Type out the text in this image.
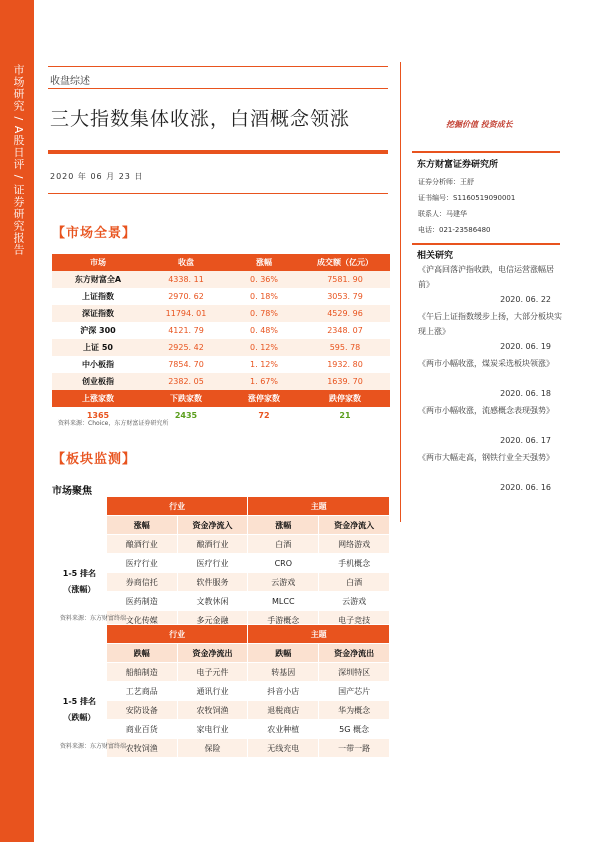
市场研究 / A股日评 / 证券研究报告	收盘综述
三大指数集体收涨，白酒概念领涨
2020 年 06 月 23 日
挖掘价值 投资成长
东方财富证券研究所
证券分析师：王舒
证书编号：S1160519090001
联系人：马建华
电话：021-23586480
相关研究
《沪高回落沪指收跌，电信运营涨幅居前》
2020. 06. 22
《午后上证指数缓步上扬，大部分板块实现上涨》
2020. 06. 19
《两市小幅收涨，煤炭采选板块领涨》
2020. 06. 18
《两市小幅收涨，流感概念表现强势》
2020. 06. 17
《两市大幅走高，钢铁行业全天强势》
2020. 06. 16
【市场全景】
市场	收盘	涨幅	成交额（亿元）
东方财富全A	4338. 11	0. 36%	7581. 90
上证指数	2970. 62	0. 18%	3053. 79
深证指数	11794. 01	0. 78%	4529. 96
沪深 300	4121. 79	0. 48%	2348. 07
上证 50	2925. 42	0. 12%	595. 78
中小板指	7854. 70	1. 12%	1932. 80
创业板指	2382. 05	1. 67%	1639. 70
上涨家数	下跌家数	涨停家数	跌停家数
1365	2435	72	21
资料来源：Choice，东方财富证券研究所
【板块监测】
市场聚焦
	行业		主题	
	涨幅	资金净流入	涨幅	资金净流入
1-5 排名
（涨幅）	酿酒行业	酿酒行业	白酒	网络游戏
	医疗行业	医疗行业	CRO	手机概念
	券商信托	软件服务	云游戏	白酒
	医药制造	文教休闲	MLCC	云游戏
	文化传媒	多元金融	手游概念	电子竞技
资料来源：东方财富终端
	行业		主题	
	跌幅	资金净流出	跌幅	资金净流出
1-5 排名
（跌幅）	船舶制造	电子元件	转基因	深圳特区
	工艺商品	通讯行业	抖音小店	国产芯片
	安防设备	农牧饲渔	退税商店	华为概念
	商业百货	家电行业	农业种植	5G 概念
	农牧饲渔	保险	无线充电	一带一路
资料来源：东方财富终端
